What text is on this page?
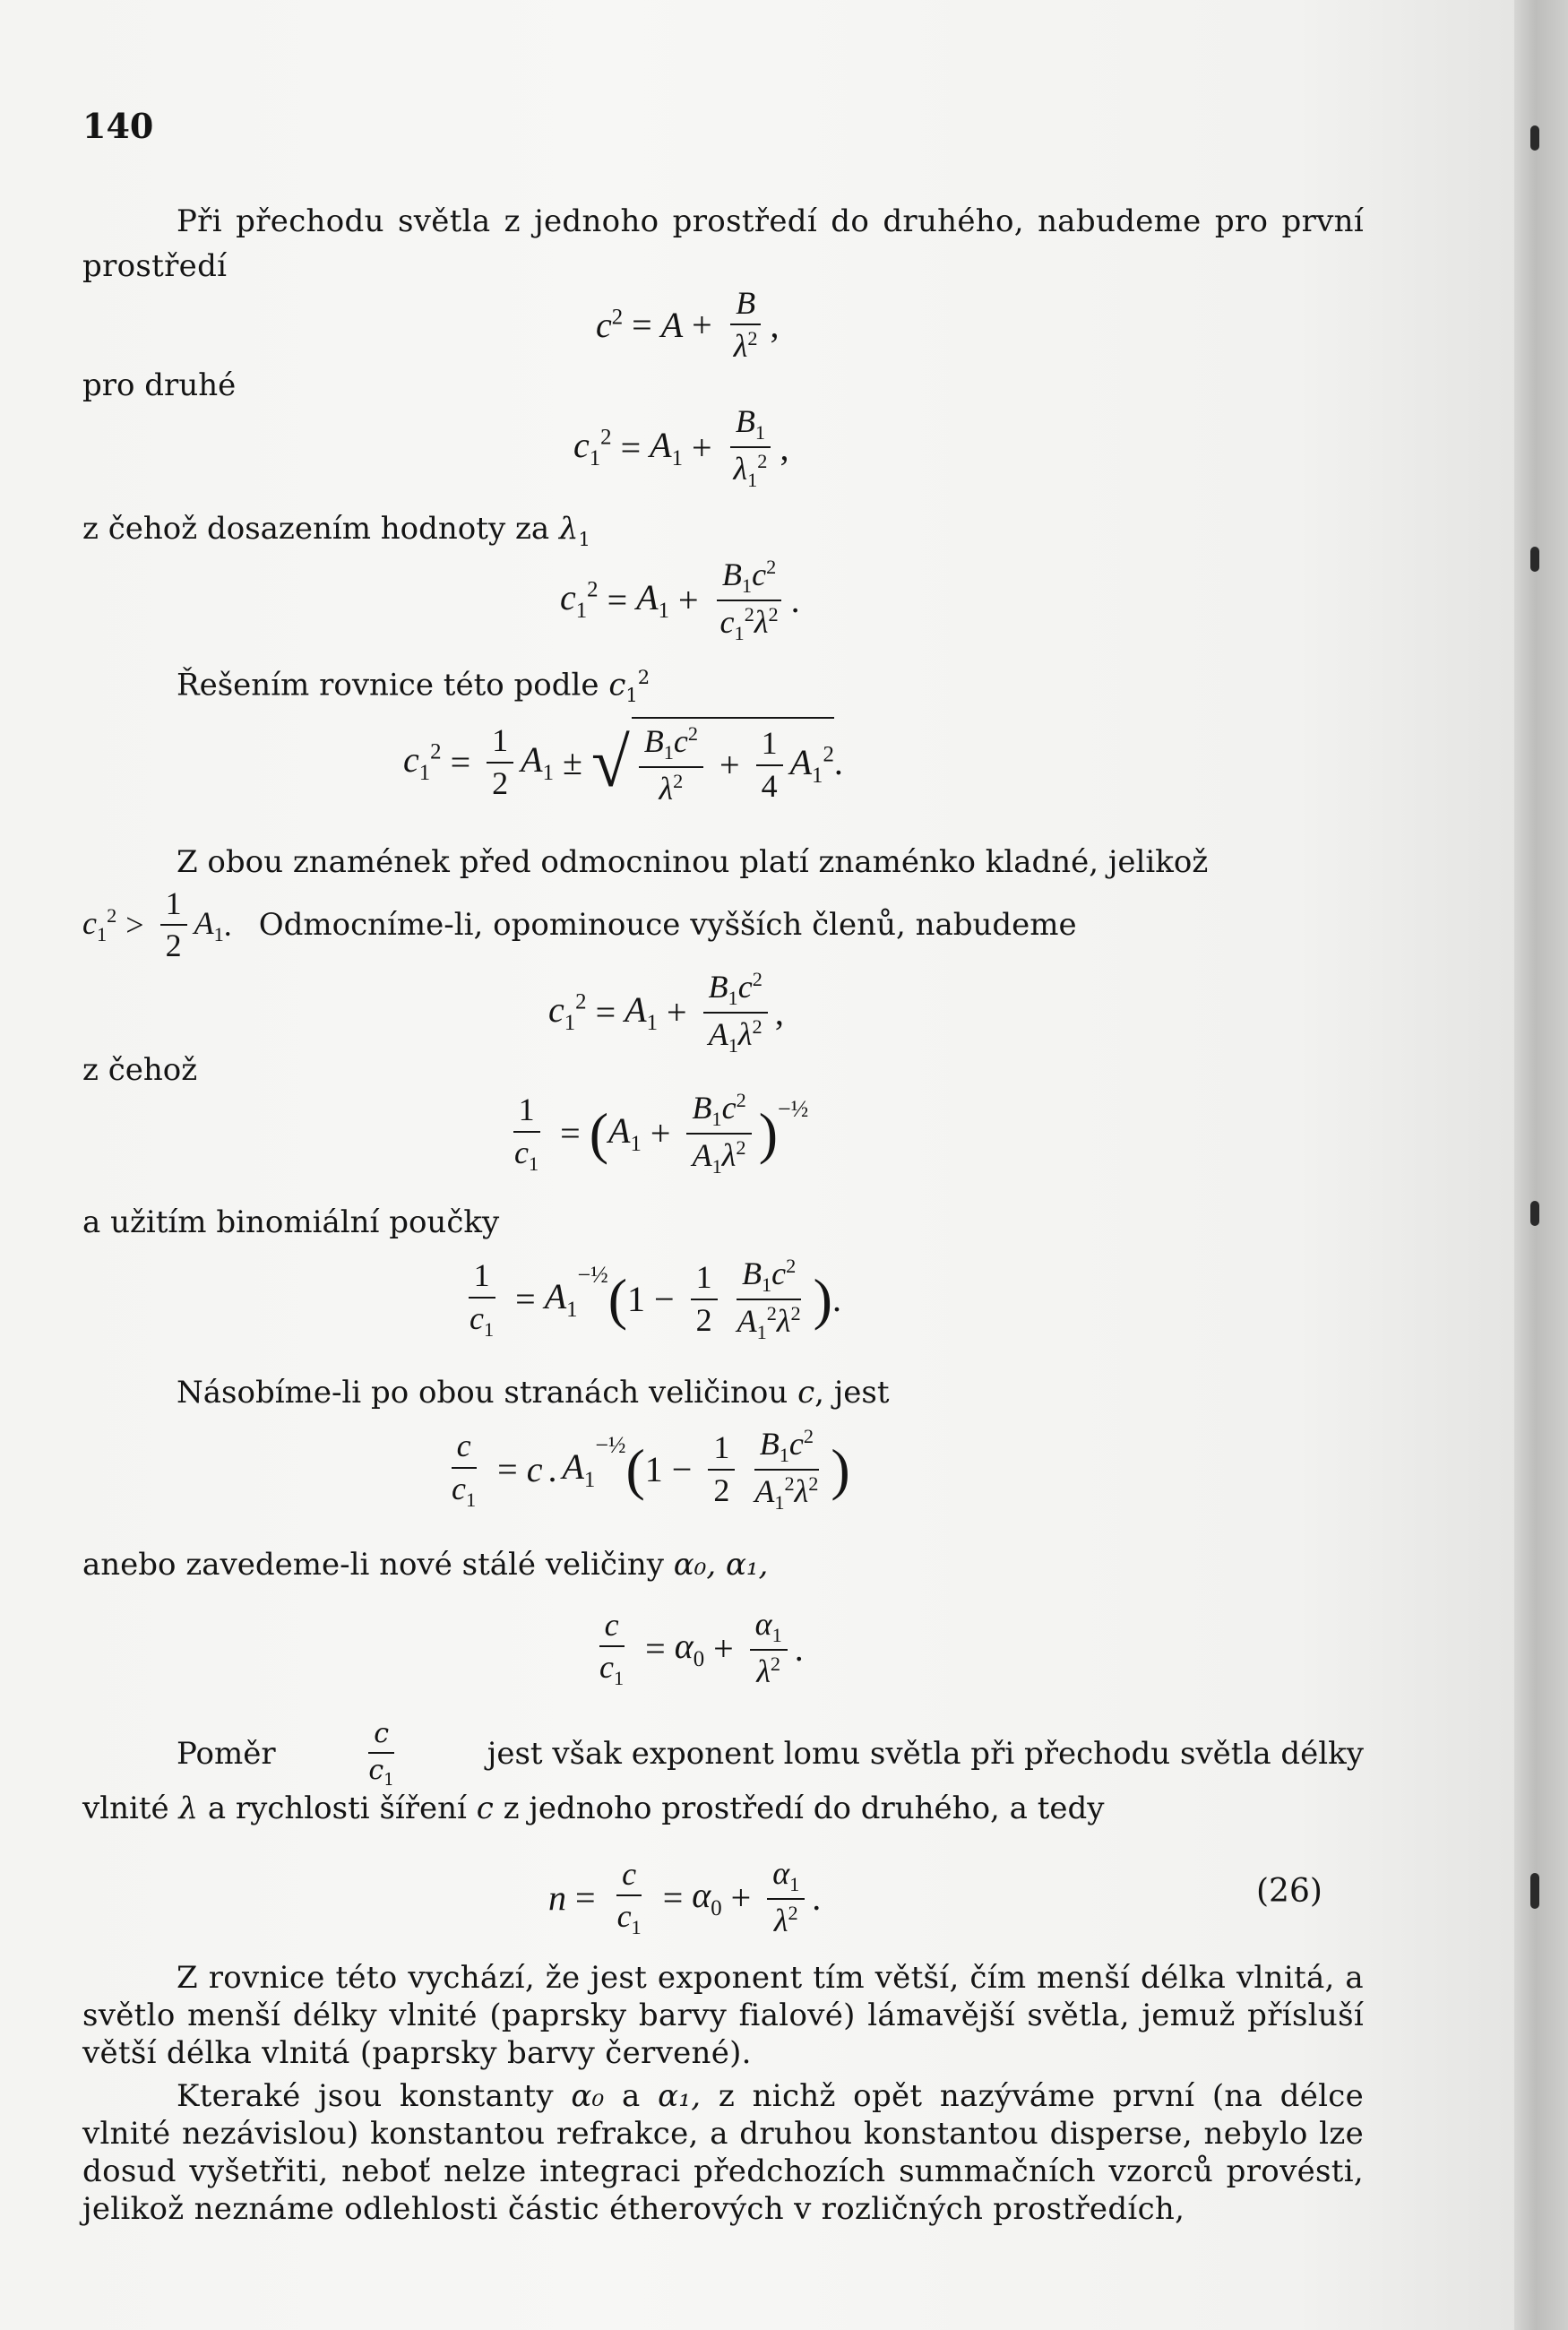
140
Při přechodu světla z jednoho prostředí do druhého, nabudeme pro první prostředí
$c^2 = A + \frac{B}{\lambda^2}$ ,
pro druhé
$c_1^2 = A_1 + \frac{B_1}{\lambda_1^2}$ ,
z čehož dosazením hodnoty za $\lambda_1$
$c_1^2 = A_1 + \frac{B_1c^2}{c_1^2\lambda^2}$ .
Řešením rovnice této podle $c_1^2$
$c_1^2 = \frac{1}{2} A_1$ ± √ $\frac{B_1c^2}{\lambda^2} + \frac{1}{4} A_1^2$ .
Z obou znamének před odmocninou platí znaménko kladné, jelikož
$c_1^2 > \frac{1}{2} A_1$ . Odmocníme-li, opominouce vyšších členů, nabudeme
$c_1^2 = A_1 + \frac{B_1c^2}{A_1\lambda^2}$ ,
z čehož
$\frac{1}{c_1}$ = ( $A_1 + \frac{B_1c^2}{A_1\lambda^2} )^{-\frac{1}{2}}$
a užitím binomiální poučky
$\frac{1}{c_1} = A_1$
$^{-\frac{1}{2}}$ ( $1 - \frac{1}{2} \frac{B_1c^2}{A_1^2\lambda^2}$ ) .
Násobíme-li po obou stranách veličinou c, jest
$\frac{c}{c_1} = c$ . $A_1$
$^{-\frac{1}{2}}$ ( $1 - \frac{1}{2} \frac{B_1c^2}{A_1^2\lambda^2}$ )
anebo zavedeme-li nové stálé veličiny α₀, α₁,
$\frac{c}{c_1} = \alpha_0 + \frac{\alpha_1}{\lambda^2}$ .
Poměr	$\frac{c}{c_1}$	jest však exponent lomu světla při přechodu světla délky
vlnité λ a rychlosti šíření c z jednoho prostředí do druhého, a tedy
$n = \frac{c}{c_1} = \alpha_0 + \frac{\alpha_1}{\lambda^2}$ .	(26)
Z rovnice této vychází, že jest exponent tím větší, čím menší délka vlnitá, a světlo menší délky vlnité (paprsky barvy fialové) lámavější světla, jemuž přísluší větší délka vlnitá (paprsky barvy červené).
Kteraké jsou konstanty α₀ a α₁, z nichž opět nazýváme první (na délce vlnité nezávislou) konstantou refrakce, a druhou konstantou disperse, nebylo lze dosud vyšetřiti, neboť nelze integraci předchozích summačních vzorců provésti, jelikož neznáme odlehlosti částic étherových v rozličných prostředích,
